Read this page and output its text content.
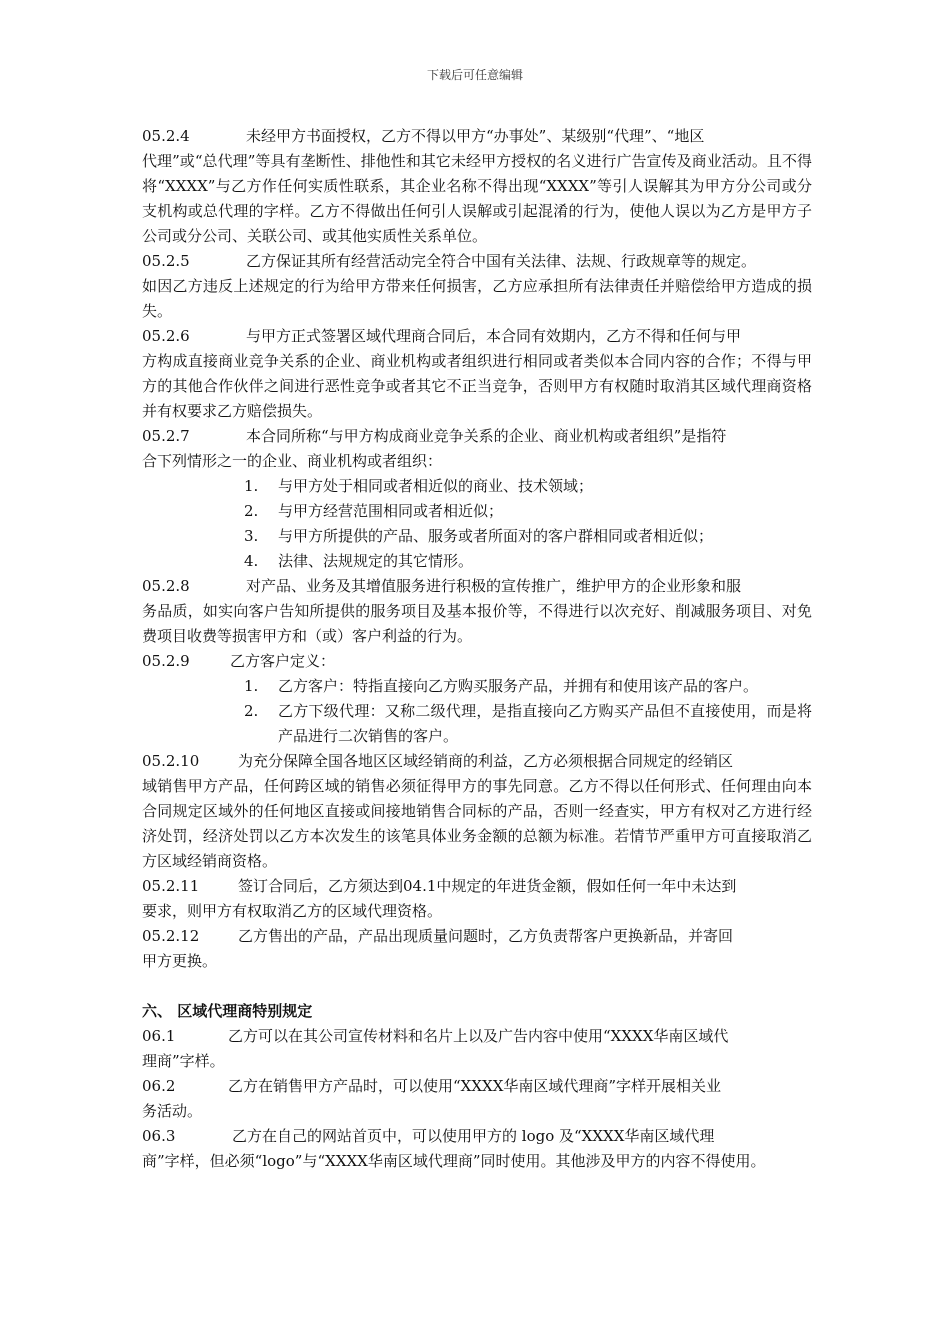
下载后可任意编辑
05.2.4	未经甲方书面授权，乙方不得以甲方“办事处”、某级别“代理”、“地区
代理”或“总代理”等具有垄断性、排他性和其它未经甲方授权的名义进行广告宣传及商业活动。且不得将“XXXX”与乙方作任何实质性联系，其企业名称不得出现“XXXX”等引人误解其为甲方分公司或分支机构或总代理的字样。乙方不得做出任何引人误解或引起混淆的行为，使他人误以为乙方是甲方子公司或分公司、关联公司、或其他实质性关系单位。
05.2.5	乙方保证其所有经营活动完全符合中国有关法律、法规、行政规章等的规定。
如因乙方违反上述规定的行为给甲方带来任何损害，乙方应承担所有法律责任并赔偿给甲方造成的损失。
05.2.6	与甲方正式签署区域代理商合同后，本合同有效期内，乙方不得和任何与甲
方构成直接商业竞争关系的企业、商业机构或者组织进行相同或者类似本合同内容的合作；不得与甲方的其他合作伙伴之间进行恶性竞争或者其它不正当竞争，否则甲方有权随时取消其区域代理商资格并有权要求乙方赔偿损失。
05.2.7	本合同所称“与甲方构成商业竞争关系的企业、商业机构或者组织”是指符
合下列情形之一的企业、商业机构或者组织：
1.	与甲方处于相同或者相近似的商业、技术领域；
2.	与甲方经营范围相同或者相近似；
3.	与甲方所提供的产品、服务或者所面对的客户群相同或者相近似；
4.	法律、法规规定的其它情形。
05.2.8	对产品、业务及其增值服务进行积极的宣传推广，维护甲方的企业形象和服
务品质，如实向客户告知所提供的服务项目及基本报价等，不得进行以次充好、削减服务项目、对免费项目收费等损害甲方和（或）客户利益的行为。
05.2.9	乙方客户定义：
1.	乙方客户：特指直接向乙方购买服务产品，并拥有和使用该产品的客户。
2.	乙方下级代理：又称二级代理，是指直接向乙方购买产品但不直接使用，而是将产品进行二次销售的客户。
05.2.10	为充分保障全国各地区区域经销商的利益，乙方必须根据合同规定的经销区
域销售甲方产品，任何跨区域的销售必须征得甲方的事先同意。乙方不得以任何形式、任何理由向本合同规定区域外的任何地区直接或间接地销售合同标的产品，否则一经查实，甲方有权对乙方进行经济处罚，经济处罚以乙方本次发生的该笔具体业务金额的总额为标准。若情节严重甲方可直接取消乙方区域经销商资格。
05.2.11	签订合同后，乙方须达到04.1中规定的年进货金额，假如任何一年中未达到
要求，则甲方有权取消乙方的区域代理资格。
05.2.12	乙方售出的产品，产品出现质量问题时，乙方负责帮客户更换新品，并寄回
甲方更换。
六、 区域代理商特别规定
06.1	乙方可以在其公司宣传材料和名片上以及广告内容中使用“XXXX华南区域代
理商”字样。
06.2	乙方在销售甲方产品时，可以使用“XXXX华南区域代理商”字样开展相关业
务活动。
06.3	乙方在自己的网站首页中，可以使用甲方的 logo 及“XXXX华南区域代理
商”字样，但必须“logo”与“XXXX华南区域代理商”同时使用。其他涉及甲方的内容不得使用。
